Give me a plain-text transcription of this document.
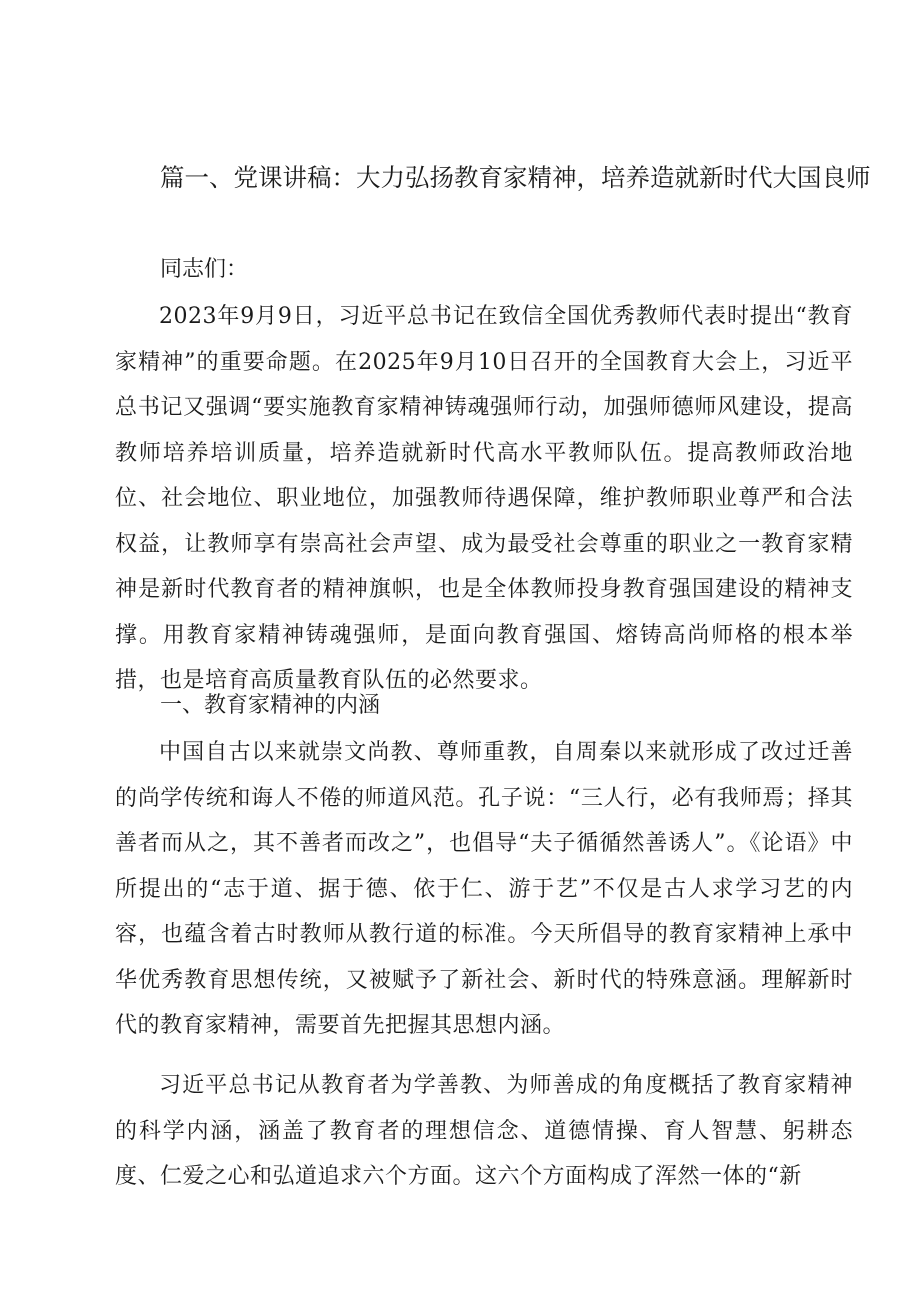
篇一、党课讲稿：大力弘扬教育家精神，培养造就新时代大国良师

同志们：

2023年9月9日，习近平总书记在致信全国优秀教师代表时提出“教育家精神”的重要命题。在2025年9月10日召开的全国教育大会上，习近平总书记又强调“要实施教育家精神铸魂强师行动，加强师德师风建设，提高教师培养培训质量，培养造就新时代高水平教师队伍。提高教师政治地位、社会地位、职业地位，加强教师待遇保障，维护教师职业尊严和合法权益，让教师享有崇高社会声望、成为最受社会尊重的职业之一教育家精神是新时代教育者的精神旗帜，也是全体教师投身教育强国建设的精神支撑。用教育家精神铸魂强师，是面向教育强国、熔铸高尚师格的根本举措，也是培育高质量教育队伍的必然要求。

一、教育家精神的内涵

中国自古以来就崇文尚教、尊师重教，自周秦以来就形成了改过迁善的尚学传统和诲人不倦的师道风范。孔子说：“三人行，必有我师焉；择其善者而从之，其不善者而改之”，也倡导“夫子循循然善诱人”。《论语》中所提出的“志于道、据于德、依于仁、游于艺”不仅是古人求学习艺的内容，也蕴含着古时教师从教行道的标准。今天所倡导的教育家精神上承中华优秀教育思想传统，又被赋予了新社会、新时代的特殊意涵。理解新时代的教育家精神，需要首先把握其思想内涵。

习近平总书记从教育者为学善教、为师善成的角度概括了教育家精神的科学内涵，涵盖了教育者的理想信念、道德情操、育人智慧、躬耕态度、仁爱之心和弘道追求六个方面。这六个方面构成了浑然一体的“新
